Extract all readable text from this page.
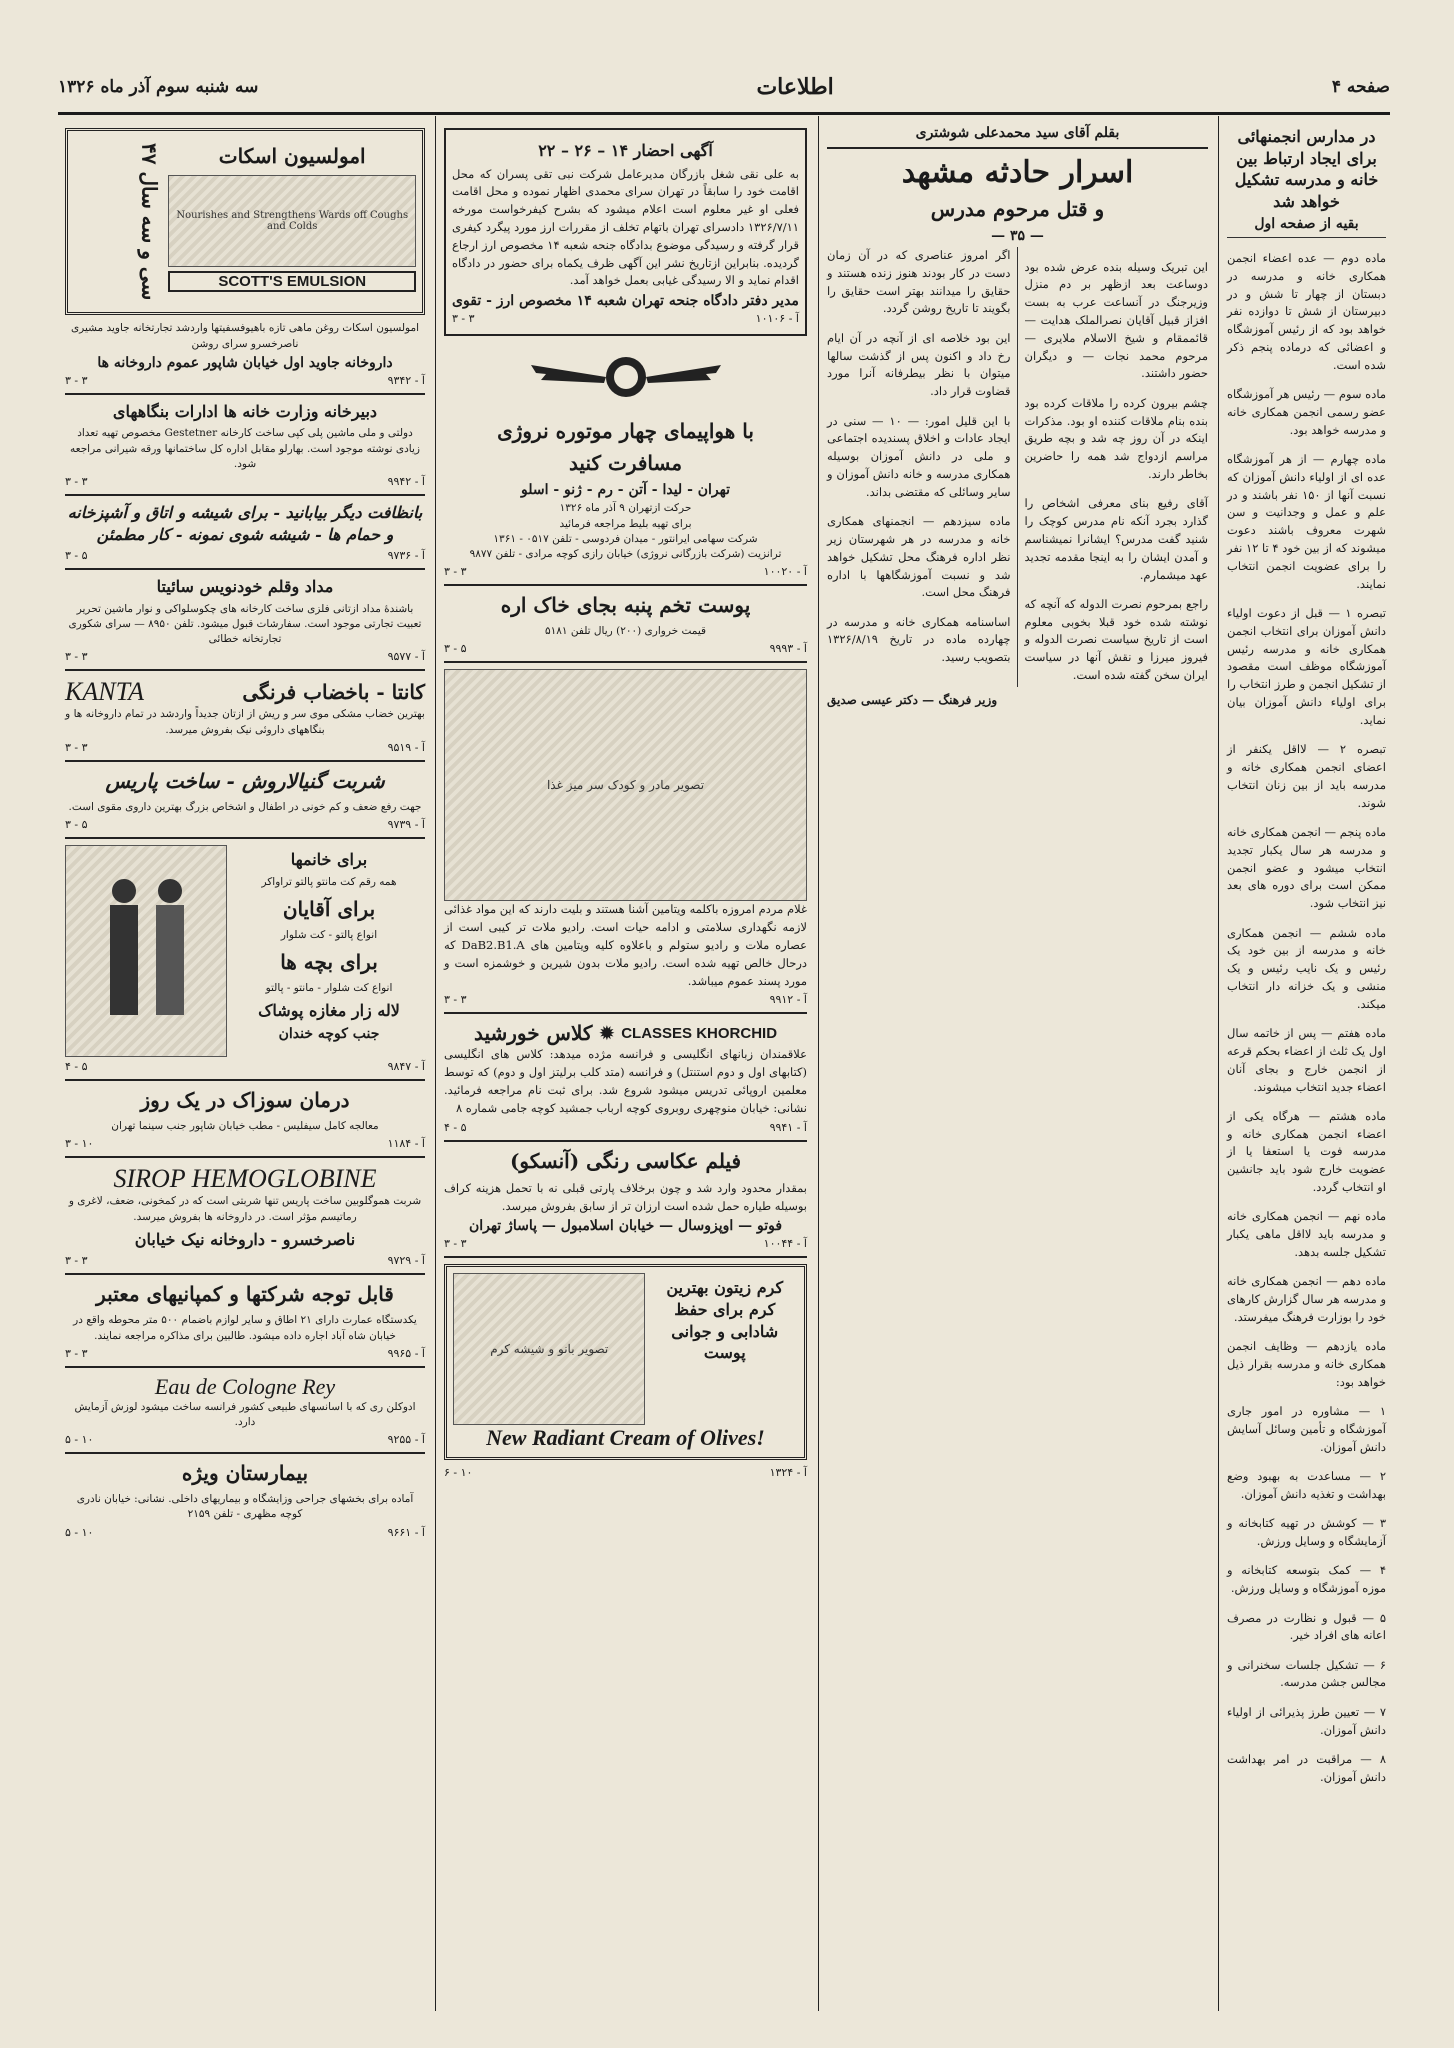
صفحه ۴
اطلاعات
سه شنبه سوم آذر ماه ۱۳۲۶
در مدارس انجمنهائی برای ایجاد ارتباط بین خانه و مدرسه تشکیل خواهد شد
بقیه از صفحه اول

ماده دوم — عده اعضاء انجمن همکاری خانه و مدرسه در دبستان از چهار تا شش و در دبیرستان از شش تا دوازده نفر خواهد بود که از رئیس آموزشگاه و اعضائی که درماده پنجم ذکر شده است.

ماده سوم — رئیس هر آموزشگاه عضو رسمی انجمن همکاری خانه و مدرسه خواهد بود.

ماده چهارم — از هر آموزشگاه عده ای از اولیاء دانش آموزان که نسبت آنها از ۱۵۰ نفر باشند و در علم و عمل و وجدانیت و سن شهرت معروف باشند دعوت میشوند که از بین خود ۴ تا ۱۲ نفر را برای عضویت انجمن انتخاب نمایند.

تبصره ۱ — قبل از دعوت اولیاء دانش آموزان برای انتخاب انجمن همکاری خانه و مدرسه رئیس آموزشگاه موظف است مقصود از تشکیل انجمن و طرز انتخاب را برای اولیاء دانش آموزان بیان نماید.

تبصره ۲ — لااقل یکنفر از اعضای انجمن همکاری خانه و مدرسه باید از بین زنان انتخاب شوند.

ماده پنجم — انجمن همکاری خانه و مدرسه هر سال یکبار تجدید انتخاب میشود و عضو انجمن ممکن است برای دوره های بعد نیز انتخاب شود.

ماده ششم — انجمن همکاری خانه و مدرسه از بین خود یک رئیس و یک نایب رئیس و یک منشی و یک خزانه دار انتخاب میکند.

ماده هفتم — پس از خاتمه سال اول یک ثلث از اعضاء بحکم قرعه از انجمن خارج و بجای آنان اعضاء جدید انتخاب میشوند.

ماده هشتم — هرگاه یکی از اعضاء انجمن همکاری خانه و مدرسه فوت یا استعفا یا از عضویت خارج شود باید جانشین او انتخاب گردد.

ماده نهم — انجمن همکاری خانه و مدرسه باید لااقل ماهی یکبار تشکیل جلسه بدهد.

ماده دهم — انجمن همکاری خانه و مدرسه هر سال گزارش کارهای خود را بوزارت فرهنگ میفرستد.

ماده یازدهم — وظایف انجمن همکاری خانه و مدرسه بقرار ذیل خواهد بود:

۱ — مشاوره در امور جاری آموزشگاه و تأمین وسائل آسایش دانش آموزان.

۲ — مساعدت به بهبود وضع بهداشت و تغذیه دانش آموزان.

۳ — کوشش در تهیه کتابخانه و آزمایشگاه و وسایل ورزش.

۴ — کمک بتوسعه کتابخانه و موزه آموزشگاه و وسایل ورزش.

۵ — قبول و نظارت در مصرف اعانه های افراد خیر.

۶ — تشکیل جلسات سخنرانی و مجالس جشن مدرسه.

۷ — تعیین طرز پذیرائی از اولیاء دانش آموزان.

۸ — مراقبت در امر بهداشت دانش آموزان.

بقلم آقای سید محمدعلی شوشتری
اسرار حادثه مشهد
و قتل مرحوم مدرس
— ۳۵ —

این تبریک وسیله بنده عرض شده بود دوساعت بعد ازظهر بر دم منزل وزیرجنگ در آنساعت عرب به بست افزاز قبیل آقایان نصرالملک هدایت — قائممقام و شیخ الاسلام ملایری — مرحوم محمد نجات — و دیگران حضور داشتند.

چشم بیرون کرده را ملاقات کرده بود بنده بنام ملاقات کننده او بود. مذکرات اینکه در آن روز چه شد و بچه طریق مراسم ازدواج شد همه را حاضرین بخاطر دارند.

آقای رفیع بنای معرفی اشخاص را گذارد بجرد آنکه نام مدرس کوچک را شنید گفت مدرس؟ ایشانرا نمیشناسم و آمدن ایشان را به اینجا مقدمه تجدید عهد میشمارم.

راجع بمرحوم نصرت الدوله که آنچه که نوشته شده خود قبلا بخوبی معلوم است از تاریخ سیاست نصرت الدوله و فیروز ميرزا و نقش آنها در سیاست ایران سخن گفته شده است.

اگر امروز عناصری که در آن زمان دست در کار بودند هنوز زنده هستند و حقایق را میدانند بهتر است حقایق را بگویند تا تاریخ روشن گردد.

این بود خلاصه ای از آنچه در آن ایام رخ داد و اکنون پس از گذشت سالها میتوان با نظر بیطرفانه آنرا مورد قضاوت قرار داد.

با این قلیل امور: — ۱۰ — سنی در ایجاد عادات و اخلاق پسندیده اجتماعی و ملی در دانش آموزان بوسیله همکاری مدرسه و خانه دانش آموزان و سایر وسائلی که مقتضی بداند.

ماده سیزدهم — انجمنهای همکاری خانه و مدرسه در هر شهرستان زیر نظر اداره فرهنگ محل تشکیل خواهد شد و نسبت آموزشگاهها با اداره فرهنگ محل است.

اساسنامه همکاری خانه و مدرسه در چهارده ماده در تاریخ ۱۳۲۶/۸/۱۹ بتصویب رسید.

وزیر فرهنگ — دکتر عیسی صدیق
آگهی احضار ۱۴ – ۲۶ – ۲۲
به علی نقی شغل بازرگان مدیرعامل شرکت نبی تقی پسران که محل اقامت خود را سابقاً در تهران سرای محمدی اظهار نموده و محل اقامت فعلی او غیر معلوم است اعلام میشود که بشرح کیفرخواست مورخه ۱۳۲۶/۷/۱۱ دادسرای تهران باتهام تخلف از مقررات ارز مورد پیگرد کیفری قرار گرفته و رسیدگی موضوع بدادگاه جنحه شعبه ۱۴ مخصوص ارز ارجاع گردیده. بنابراین ازتاریخ نشر این آگهی ظرف یکماه برای حضور در دادگاه اقدام نماید و الا رسیدگی غیابی بعمل خواهد آمد.
مدیر دفتر دادگاه جنحه تهران شعبه ۱۴ مخصوص ارز - تقوی
۳ - ۳	آ - ۱۰۱۰۶
با هواپیمای چهار موتوره نروژی
مسافرت کنید
تهران - لیدا - آتن - رم - ژنو - اسلو
حرکت ازتهران ۹ آذر ماه ۱۳۲۶
برای تهیه بلیط مراجعه فرمائید
شرکت سهامی ایرانتور - میدان فردوسی - تلفن ۰۵۱۷ - ۱۳۶۱
ترانزیت (شرکت بازرگانی نروژی) خیابان رازی کوچه مرادی - تلفن ۹۸۷۷
۳ - ۳	آ - ۱۰۰۲۰
پوست تخم پنبه بجای خاک اره
قیمت خرواری (۲۰۰) ریال تلفن ۵۱۸۱
۳ - ۵	آ - ۹۹۹۳
تصویر مادر و کودک سر میز غذا
غلام مردم امروزه باکلمه ویتامین آشنا هستند و بلیت دارند که این مواد غذائی لازمه نگهداری سلامتی و ادامه حیات است. رادیو ملات تر کیبی است از عصاره ملات و رادیو ستولم و باعلاوه کلیه ویتامین های DaB2.B1.A که درحال خالص تهیه شده است. رادیو ملات بدون شیرین و خوشمزه است و مورد پسند عموم میباشد.
۳ - ۳	آ - ۹۹۱۲
CLASSES KHORCHID
✹
کلاس خورشید
علاقمندان زبانهای انگلیسی و فرانسه مژده میدهد: کلاس های انگلیسی (کتابهای اول و دوم استنتل) و فرانسه (متد کلب برلیتز اول و دوم) که توسط معلمین اروپائی تدریس میشود شروع شد. برای ثبت نام مراجعه فرمائید. نشانی: خیابان منوچهری روبروی کوچه ارباب جمشید کوچه جامی شماره ۸
۴ - ۵	آ - ۹۹۴۱
فیلم عکاسی رنگی (آنسکو)
بمقدار محدود وارد شد و چون برخلاف پارتی قبلی نه با تحمل هزینه کراف بوسیله طیاره حمل شده است ارزان تر از سابق بفروش میرسد.
فوتو — اوپزوسال — خیابان اسلامبول — پاساژ تهران
۳ - ۳	آ - ۱۰۰۴۴
کرم زیتون بهترین کرم برای حفظ شادابی و جوانی پوست
تصویر بانو و شیشه کرم
New Radiant Cream of Olives!
۶ - ۱۰	آ - ۱۳۲۴
امولسیون اسکات
Nourishes and Strengthens Wards off Coughs and Colds
SCOTT'S EMULSION
سی و سه سال ۴۷
امولسیون اسکات روغن ماهی تازه باهیوفسفیتها واردشد تجارتخانه جاوید مشیری ناصرخسرو سرای روشن
داروخانه جاوید اول خیابان شاپور عموم داروخانه ها
۳ - ۳	آ - ۹۳۴۲
دبیرخانه وزارت خانه ها ادارات بنگاههای
دولتی و ملی ماشین پلی کپی ساخت کارخانه Gestetner مخصوص تهیه تعداد زیادی نوشته موجود است. بهارلو مقابل اداره کل ساختمانها ورقه شیرانی مراجعه شود.
۳ - ۳	آ - ۹۹۴۲
بانظافت دیگر بیابانید - برای شیشه و اتاق و آشپزخانه و حمام ها - شیشه شوی نمونه - کار مطمئن
۳ - ۵	آ - ۹۷۳۶
مداد وقلم خودنویس سائیتا
باشندهٔ مداد ازتانی فلزی ساخت کارخانه های چکوسلواکی و نوار ماشین تحریر تعبیت تجارتی موجود است. سفارشات قبول میشود. تلفن ۸۹۵۰ — سرای شکوری تجارتخانه خطائی
۳ - ۳	آ - ۹۵۷۷
کانتا - باخضاب فرنگی
KANTA
بهترین خضاب مشکی موی سر و ریش از ازتان جدیداً واردشد در تمام داروخانه ها و بنگاههای داروئی نیک بفروش میرسد.
۳ - ۳	آ - ۹۵۱۹
شربت گنیالاروش - ساخت پاریس
جهت رفع ضعف و کم خونی در اطفال و اشخاص بزرگ بهترین داروی مقوی است.
۳ - ۵	آ - ۹۷۳۹
برای خانمها
همه رقم کت مانتو پالتو تراواکر
برای آقایان
انواع پالتو - کت شلوار
برای بچه ها
انواع کت شلوار - مانتو - پالتو
لاله زار مغازه پوشاک
جنب کوچه خندان
۴ - ۵	آ - ۹۸۴۷
درمان سوزاک در یک روز
معالجه کامل سیفلیس - مطب خیابان شاپور جنب سینما تهران
۳ - ۱۰	آ - ۱۱۸۴
SIROP HEMOGLOBINE
شربت هموگلوبین ساخت پاریس تنها شربتی است که در کمخونی، ضعف، لاغری و رماتیسم مؤثر است. در داروخانه ها بفروش میرسد.
ناصرخسرو - داروخانه نیک خیابان
۳ - ۳	آ - ۹۷۲۹
قابل توجه شرکتها و کمپانیهای معتبر
یکدستگاه عمارت دارای ۲۱ اطاق و سایر لوازم باضمام ۵۰۰ متر محوطه واقع در خیابان شاه آباد اجاره داده میشود. طالبین برای مذاکره مراجعه نمایند.
۳ - ۳	آ - ۹۹۶۵
Eau de Cologne Rey
ادوکلن ری که با اسانسهای طبیعی کشور فرانسه ساخت میشود لوزش آزمایش دارد.
۵ - ۱۰	آ - ۹۲۵۵
بیمارستان ویژه
آماده برای بخشهای جراحی وزایشگاه و بیماریهای داخلی. نشانی: خیابان نادری کوچه مظهری - تلفن ۲۱۵۹
۵ - ۱۰	آ - ۹۶۶۱
